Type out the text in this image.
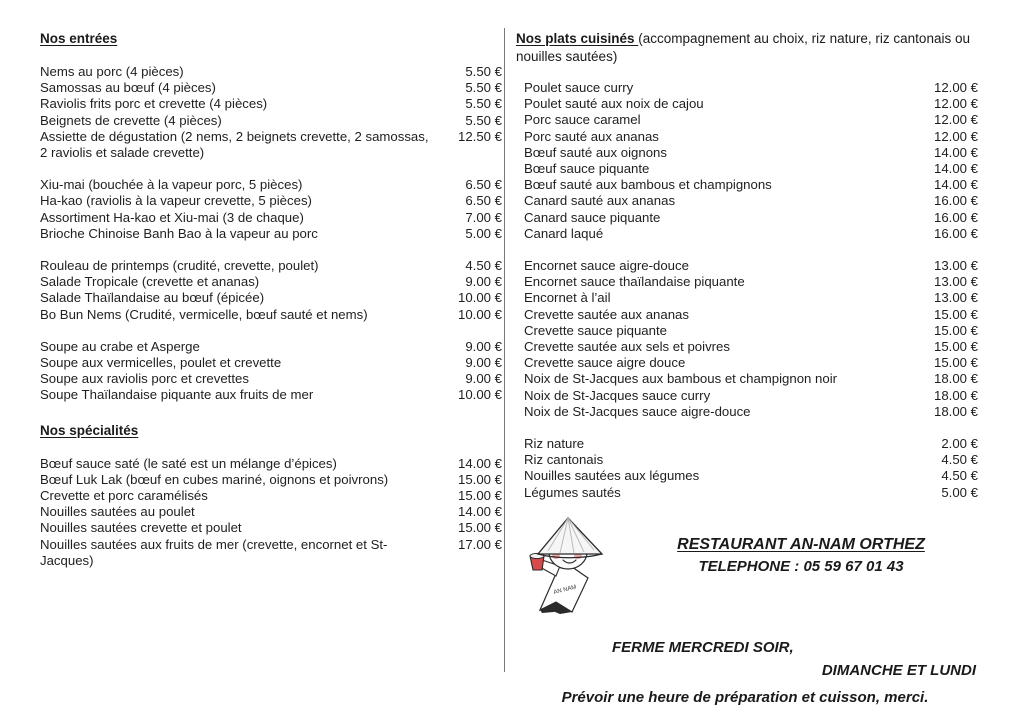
Nos entrées
Nems au porc (4 pièces)	5.50 €
Samossas au bœuf (4 pièces)	5.50 €
Raviolis frits porc et crevette (4 pièces)	5.50 €
Beignets de crevette (4 pièces)	5.50 €
Assiette de dégustation (2 nems, 2 beignets crevette, 2 samossas, 2 raviolis et salade crevette)
12.50 €
Xiu-mai (bouchée à la vapeur porc, 5 pièces)	6.50 €
Ha-kao (raviolis à la vapeur crevette, 5 pièces)	6.50 €
Assortiment Ha-kao et Xiu-mai (3 de chaque)	7.00 €
Brioche Chinoise Banh Bao à la vapeur au porc	5.00 €
Rouleau de printemps (crudité, crevette, poulet)	4.50 €
Salade Tropicale (crevette et ananas)	9.00 €
Salade Thaïlandaise au bœuf (épicée)	10.00 €
Bo Bun Nems (Crudité, vermicelle, bœuf sauté et nems)	10.00 €
Soupe au crabe et Asperge	9.00 €
Soupe aux vermicelles, poulet et crevette	9.00 €
Soupe aux raviolis porc et crevettes	9.00 €
Soupe Thaïlandaise piquante aux fruits de mer	10.00 €
Nos spécialités
Bœuf sauce saté (le saté est un mélange d’épices)	14.00 €
Bœuf Luk Lak (bœuf en cubes mariné, oignons et poivrons)	15.00 €
Crevette et porc caramélisés	15.00 €
Nouilles sautées au poulet	14.00 €
Nouilles sautées crevette et poulet	15.00 €
Nouilles sautées aux fruits de mer (crevette, encornet et St-Jacques)
17.00 €
Nos plats cuisinés (accompagnement au choix, riz nature, riz cantonais ou nouilles sautées)
Poulet sauce curry	12.00 €
Poulet sauté aux noix de cajou	12.00 €
Porc sauce caramel	12.00 €
Porc sauté aux ananas	12.00 €
Bœuf sauté aux oignons	14.00 €
Bœuf sauce piquante	14.00 €
Bœuf sauté aux bambous et champignons	14.00 €
Canard sauté aux ananas	16.00 €
Canard sauce piquante	16.00 €
Canard laqué	16.00 €
Encornet sauce aigre-douce	13.00 €
Encornet sauce thaïlandaise piquante	13.00 €
Encornet à l’ail	13.00 €
Crevette sautée aux ananas	15.00 €
Crevette sauce piquante	15.00 €
Crevette sautée aux sels et poivres	15.00 €
Crevette sauce aigre douce	15.00 €
Noix de St-Jacques aux bambous et champignon noir	18.00 €
Noix de St-Jacques sauce curry	18.00 €
Noix de St-Jacques sauce aigre-douce	18.00 €
Riz nature	2.00 €
Riz cantonais	4.50 €
Nouilles sautées aux légumes	4.50 €
Légumes sautés	5.00 €
AN NAM
RESTAURANT AN-NAM ORTHEZ
TELEPHONE : 05 59 67 01 43
FERME MERCREDI SOIR,
DIMANCHE ET LUNDI
Prévoir une heure de préparation et cuisson, merci.
